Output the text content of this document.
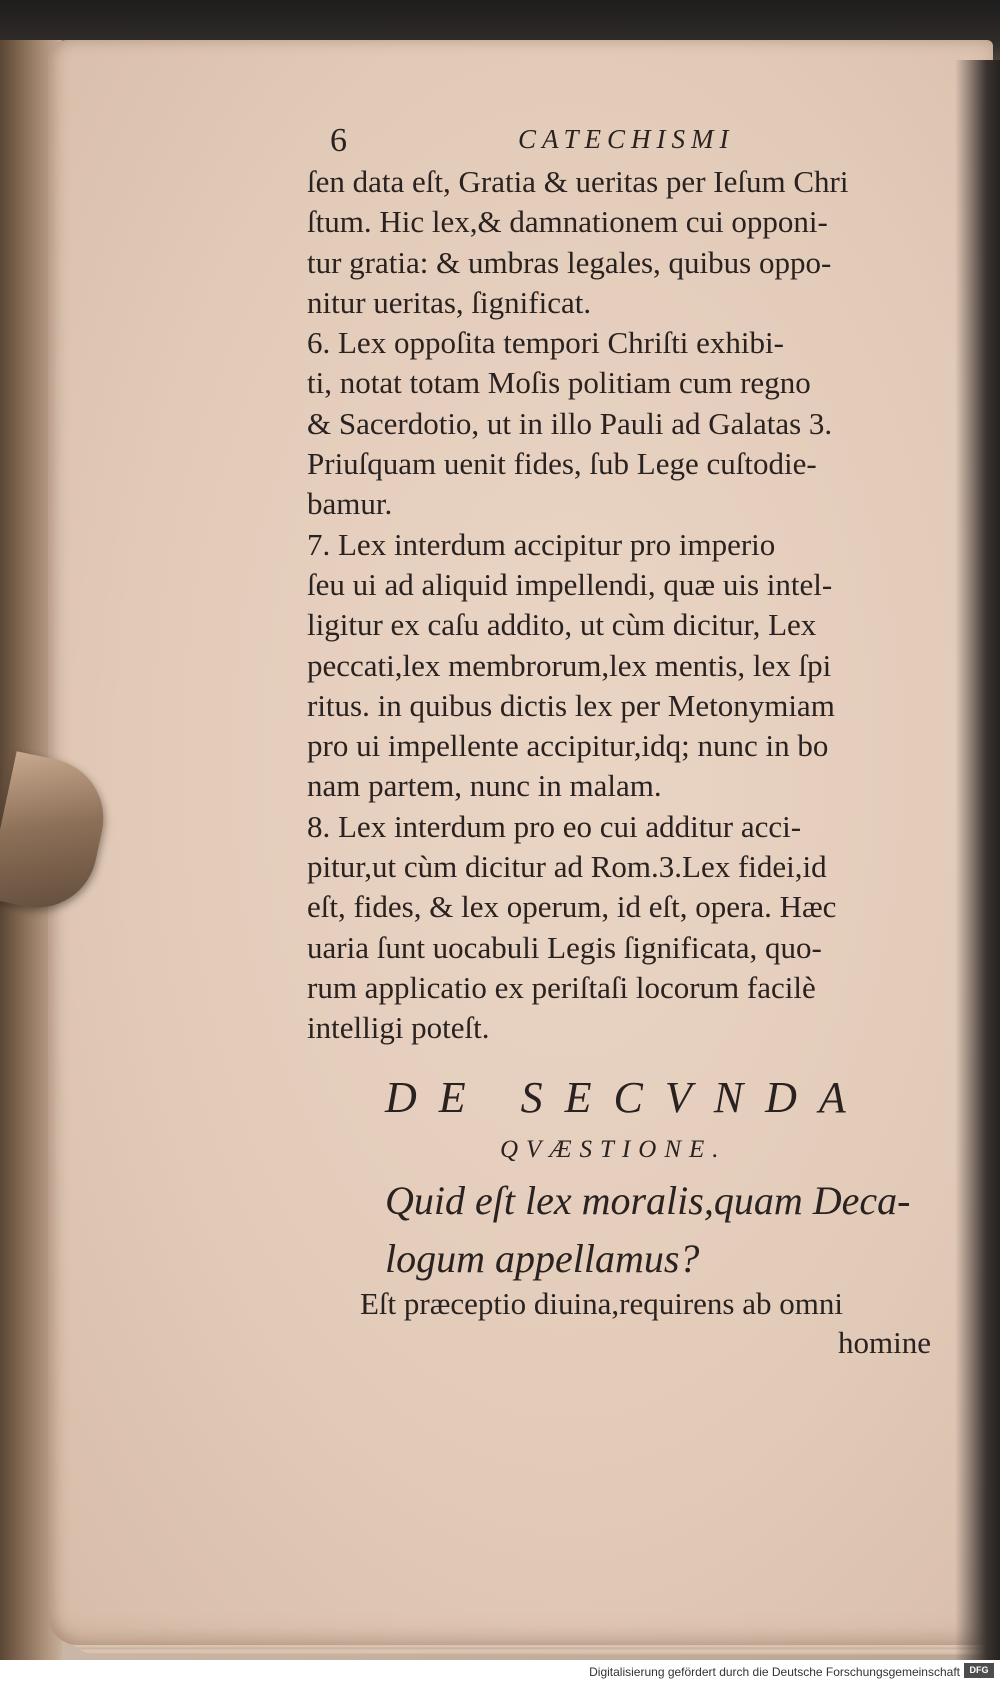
6	CATECHISMI
ſen data eſt, Gratia & ueritas per Ieſum Chri
ſtum. Hic lex,& damnationem cui opponi-
tur gratia: & umbras legales, quibus oppo-
nitur ueritas, ſignificat.
6. Lex oppoſita tempori Chriſti exhibi-
ti, notat totam Moſis politiam cum regno
& Sacerdotio, ut in illo Pauli ad Galatas 3.
Priuſquam uenit fides, ſub Lege cuſtodie-
bamur.
7. Lex interdum accipitur pro imperio
ſeu ui ad aliquid impellendi, quæ uis intel-
ligitur ex caſu addito, ut cùm dicitur, Lex
peccati,lex membrorum,lex mentis, lex ſpi
ritus. in quibus dictis lex per Metonymiam
pro ui impellente accipitur,idq; nunc in bo
nam partem, nunc in malam.
8. Lex interdum pro eo cui additur acci-
pitur,ut cùm dicitur ad Rom.3.Lex fidei,id
eſt, fides, & lex operum, id eſt, opera. Hæc
uaria ſunt uocabuli Legis ſignificata, quo-
rum applicatio ex periſtaſi locorum facilè
intelligi poteſt.
DE SECVNDA
QVÆSTIONE.
Quid eſt lex moralis,quam Deca-
logum appellamus?
Eſt præceptio diuina,requirens ab omni
homine
Digitalisierung gefördert durch die Deutsche Forschungsgemeinschaft	DFG
